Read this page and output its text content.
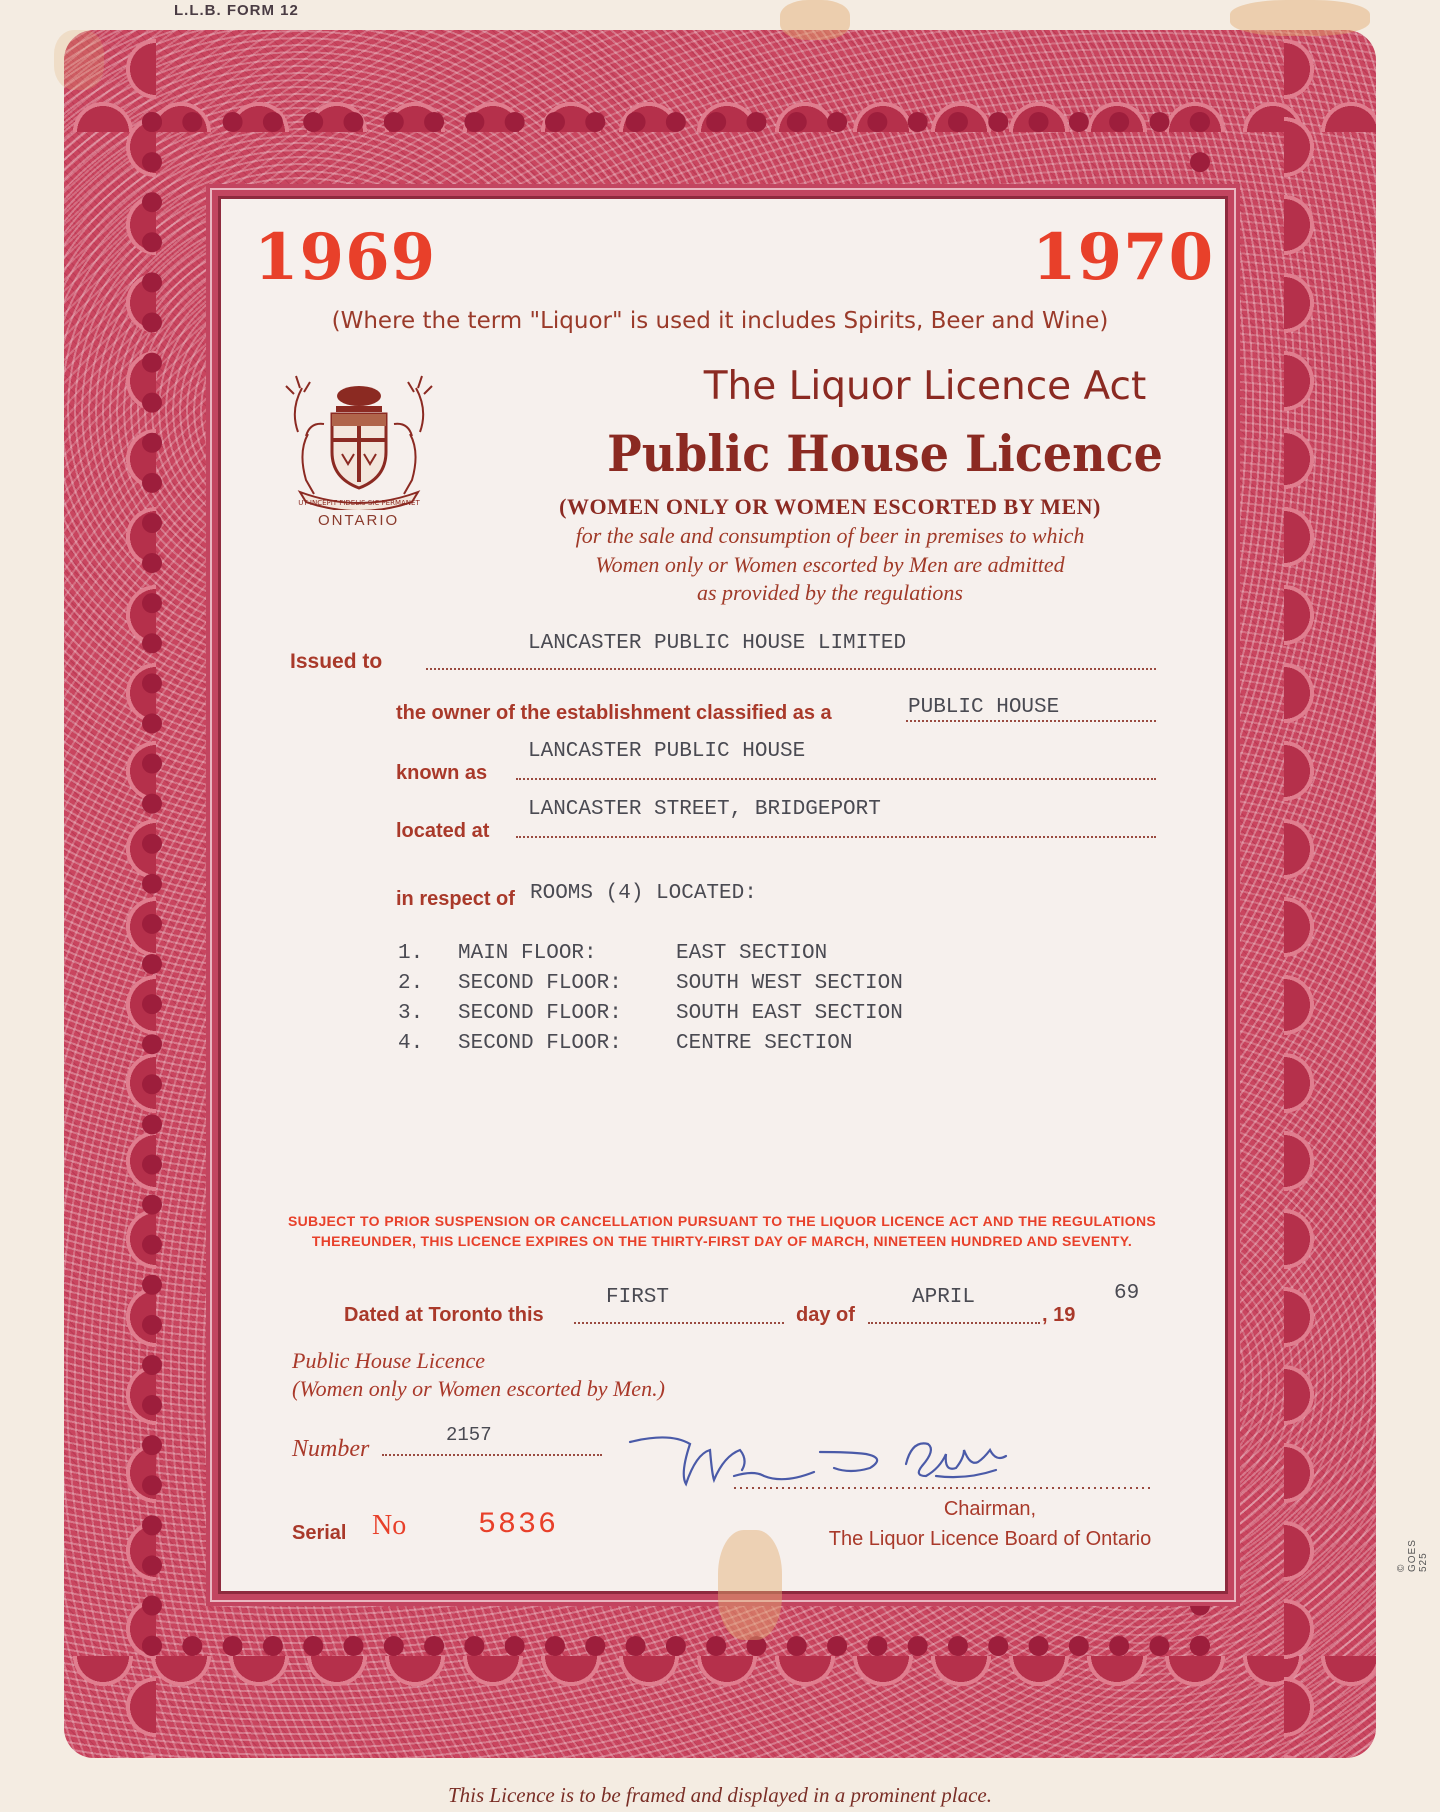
L.L.B. FORM 12
© GOES 525
1969	1970
(Where the term "Liquor" is used it includes Spirits, Beer and Wine)
UT INCEPIT FIDELIS SIC PERMANET
ONTARIO
The Liquor Licence Act
Public House Licence
(WOMEN ONLY OR WOMEN ESCORTED BY MEN)
for the sale and consumption of beer in premises to which
Women only or Women escorted by Men are admitted
as provided by the regulations
Issued to
LANCASTER PUBLIC HOUSE LIMITED
the owner of the establishment classified as a	PUBLIC HOUSE
known as
LANCASTER PUBLIC HOUSE
located at
LANCASTER STREET, BRIDGEPORT
in respect of ROOMS (4) LOCATED:
1. MAIN FLOOR:	EAST SECTION
2. SECOND FLOOR:	SOUTH WEST SECTION
3. SECOND FLOOR:	SOUTH EAST SECTION
4. SECOND FLOOR:	CENTRE SECTION
SUBJECT TO PRIOR SUSPENSION OR CANCELLATION PURSUANT TO THE LIQUOR LICENCE ACT AND THE REGULATIONS THEREUNDER, THIS LICENCE EXPIRES ON THE THIRTY-FIRST DAY OF MARCH, NINETEEN HUNDRED AND SEVENTY.
Dated at Toronto this
FIRST
day of
APRIL
, 19
69
Public House Licence
(Women only or Women escorted by Men.)
Number
2157
Chairman,
The Liquor Licence Board of Ontario
Serial No 5836
This Licence is to be framed and displayed in a prominent place.
